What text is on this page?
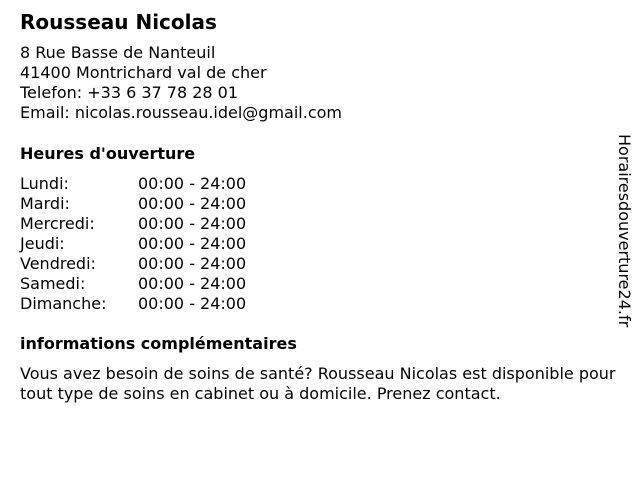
Rousseau Nicolas
8 Rue Basse de Nanteuil
41400 Montrichard val de cher
Telefon: +33 6 37 78 28 01
Email: nicolas.rousseau.idel@gmail.com
Heures d'ouverture
Lundi:	00:00 - 24:00
Mardi:	00:00 - 24:00
Mercredi:	00:00 - 24:00
Jeudi:	00:00 - 24:00
Vendredi:	00:00 - 24:00
Samedi:	00:00 - 24:00
Dimanche:	00:00 - 24:00
informations complémentaires

Vous avez besoin de soins de santé? Rousseau Nicolas est disponible pour tout type de soins en cabinet ou à domicile. Prenez contact.

Horairesdouverture24.fr
